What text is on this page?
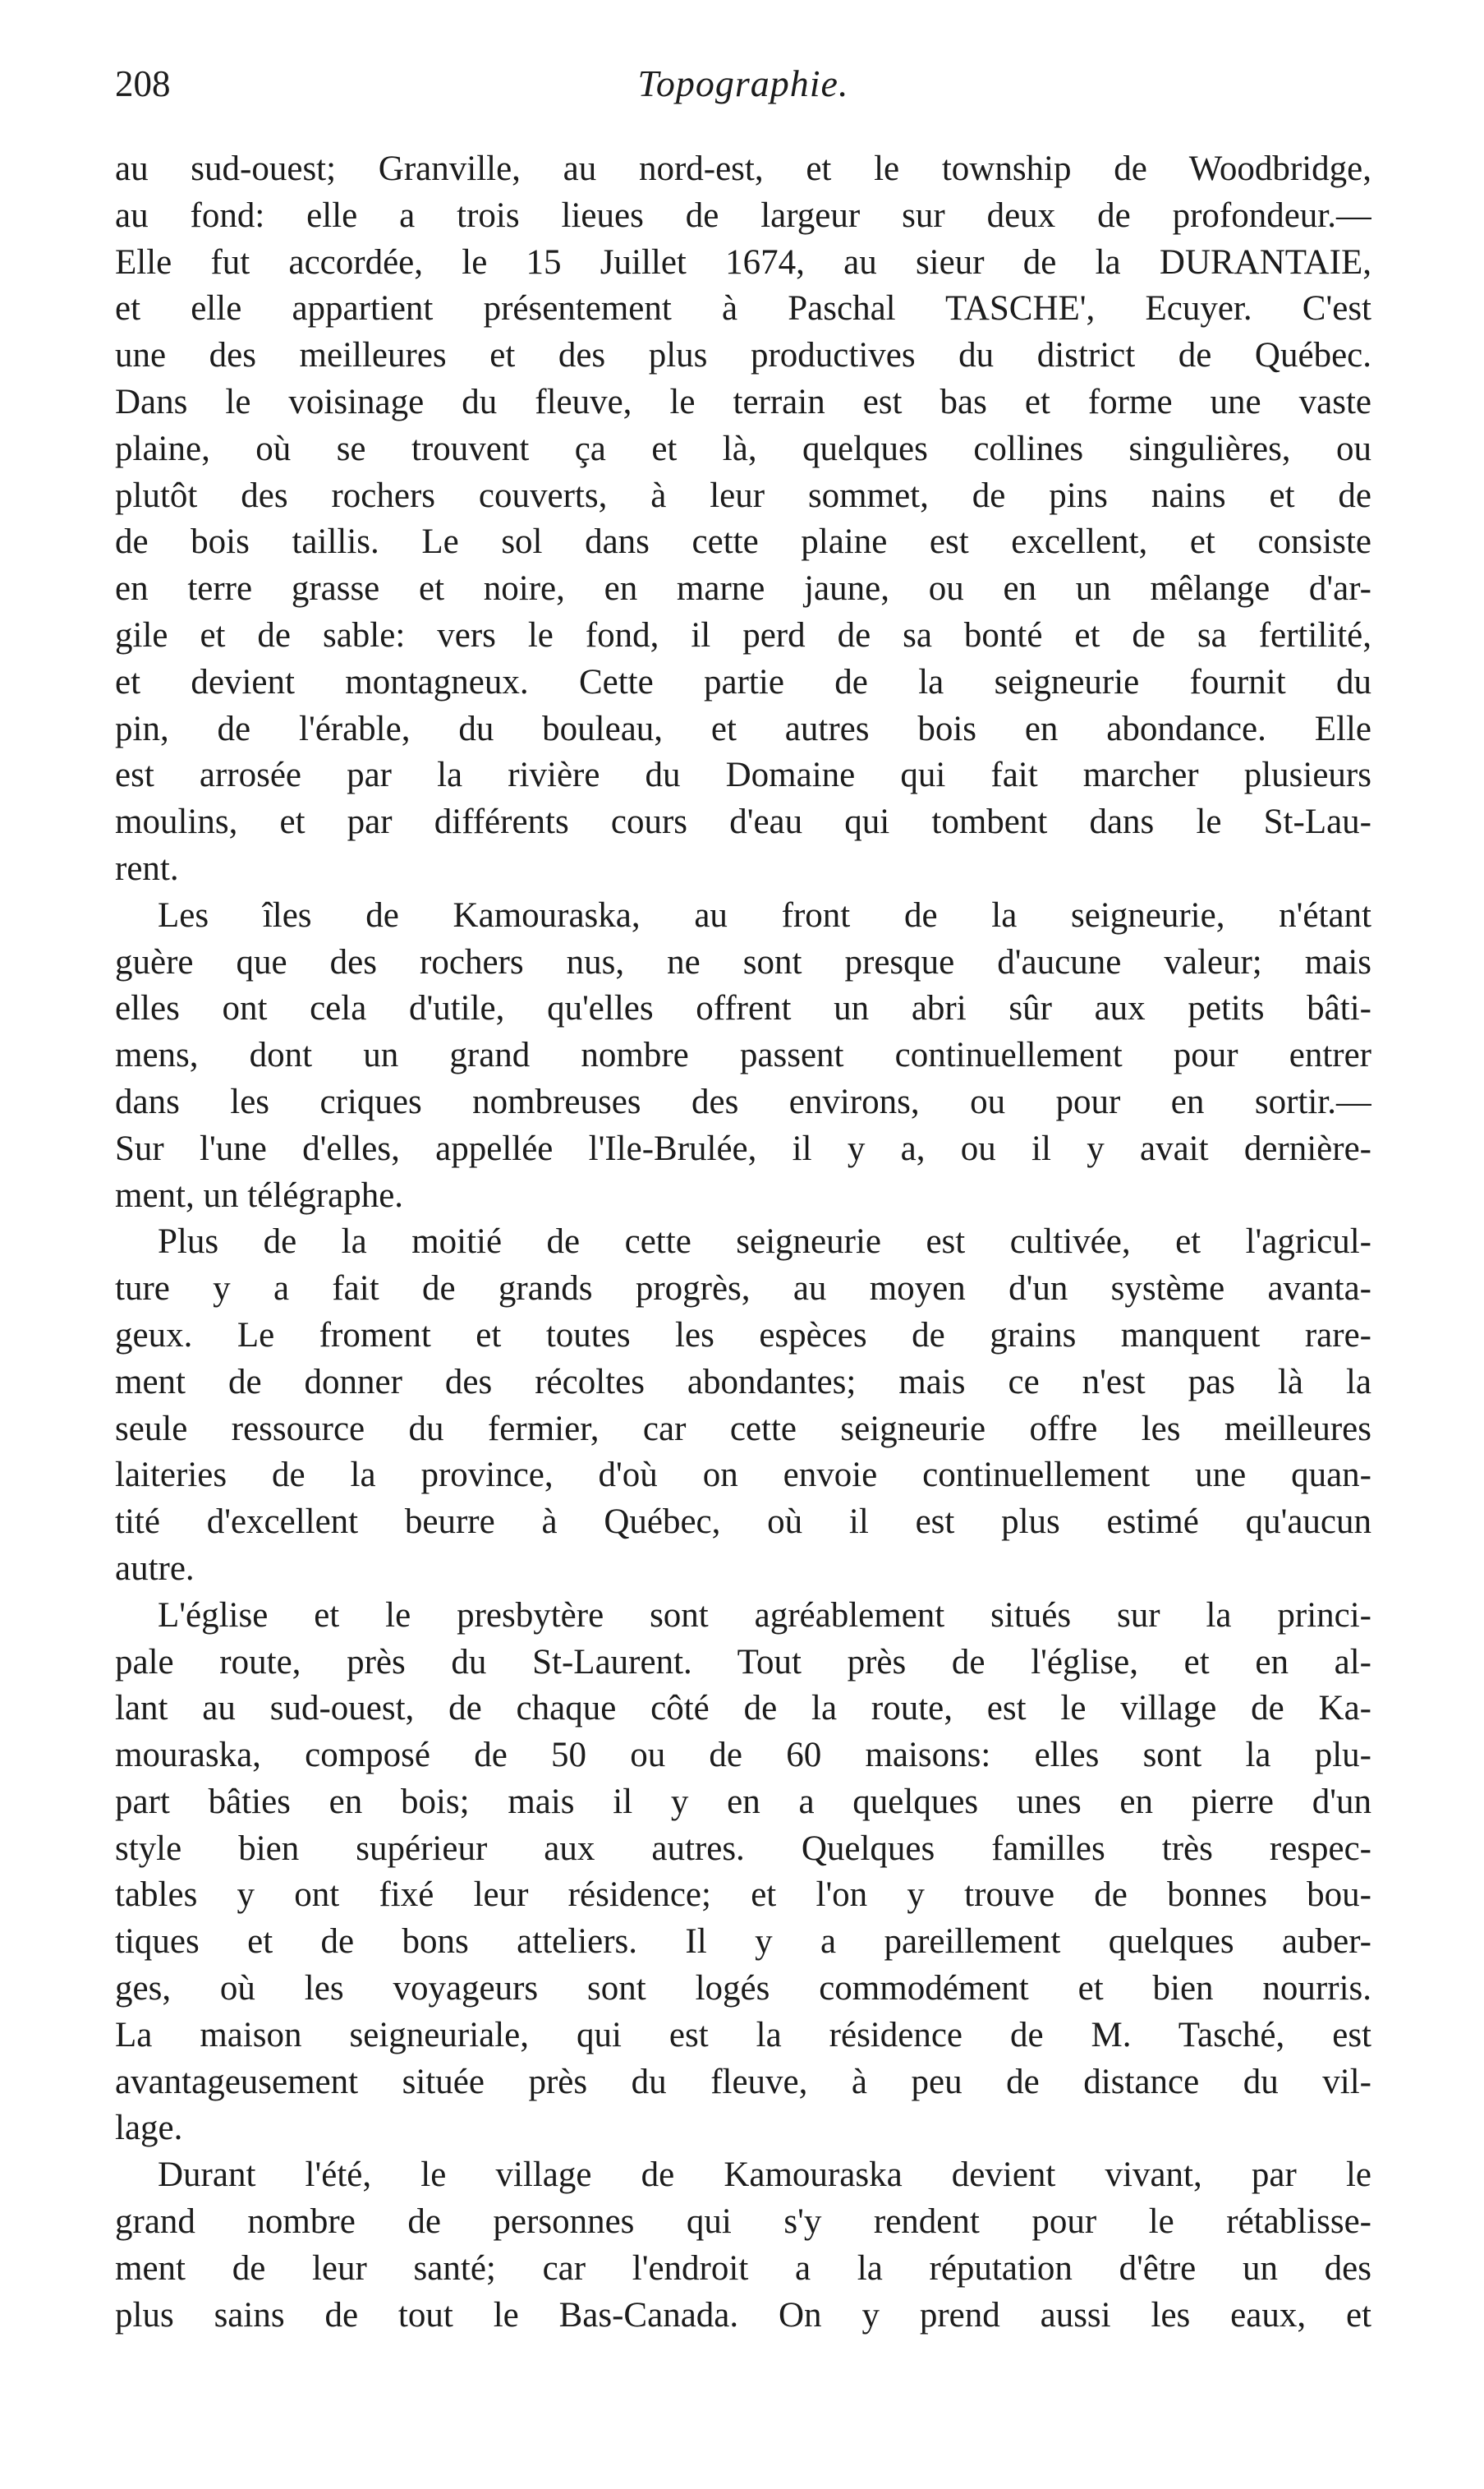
208	Topographie.
au sud-ouest; Granville, au nord-est, et le township de Woodbridge,
au fond: elle a trois lieues de largeur sur deux de profondeur.—
Elle fut accordée, le 15 Juillet 1674, au sieur de la DURANTAIE,
et elle appartient présentement à Paschal TASCHE', Ecuyer. C'est
une des meilleures et des plus productives du district de Québec.
Dans le voisinage du fleuve, le terrain est bas et forme une vaste
plaine, où se trouvent ça et là, quelques collines singulières, ou
plutôt des rochers couverts, à leur sommet, de pins nains et de
de bois taillis. Le sol dans cette plaine est excellent, et consiste
en terre grasse et noire, en marne jaune, ou en un mêlange d'ar-
gile et de sable: vers le fond, il perd de sa bonté et de sa fertilité,
et devient montagneux. Cette partie de la seigneurie fournit du
pin, de l'érable, du bouleau, et autres bois en abondance. Elle
est arrosée par la rivière du Domaine qui fait marcher plusieurs
moulins, et par différents cours d'eau qui tombent dans le St-Lau-
rent.
Les îles de Kamouraska, au front de la seigneurie, n'étant
guère que des rochers nus, ne sont presque d'aucune valeur; mais
elles ont cela d'utile, qu'elles offrent un abri sûr aux petits bâti-
mens, dont un grand nombre passent continuellement pour entrer
dans les criques nombreuses des environs, ou pour en sortir.—
Sur l'une d'elles, appellée l'Ile-Brulée, il y a, ou il y avait dernière-
ment, un télégraphe.
Plus de la moitié de cette seigneurie est cultivée, et l'agricul-
ture y a fait de grands progrès, au moyen d'un système avanta-
geux. Le froment et toutes les espèces de grains manquent rare-
ment de donner des récoltes abondantes; mais ce n'est pas là la
seule ressource du fermier, car cette seigneurie offre les meilleures
laiteries de la province, d'où on envoie continuellement une quan-
tité d'excellent beurre à Québec, où il est plus estimé qu'aucun
autre.
L'église et le presbytère sont agréablement situés sur la princi-
pale route, près du St-Laurent. Tout près de l'église, et en al-
lant au sud-ouest, de chaque côté de la route, est le village de Ka-
mouraska, composé de 50 ou de 60 maisons: elles sont la plu-
part bâties en bois; mais il y en a quelques unes en pierre d'un
style bien supérieur aux autres. Quelques familles très respec-
tables y ont fixé leur résidence; et l'on y trouve de bonnes bou-
tiques et de bons atteliers. Il y a pareillement quelques auber-
ges, où les voyageurs sont logés commodément et bien nourris.
La maison seigneuriale, qui est la résidence de M. Tasché, est
avantageusement située près du fleuve, à peu de distance du vil-
lage.
Durant l'été, le village de Kamouraska devient vivant, par le
grand nombre de personnes qui s'y rendent pour le rétablisse-
ment de leur santé; car l'endroit a la réputation d'être un des
plus sains de tout le Bas-Canada. On y prend aussi les eaux, et
